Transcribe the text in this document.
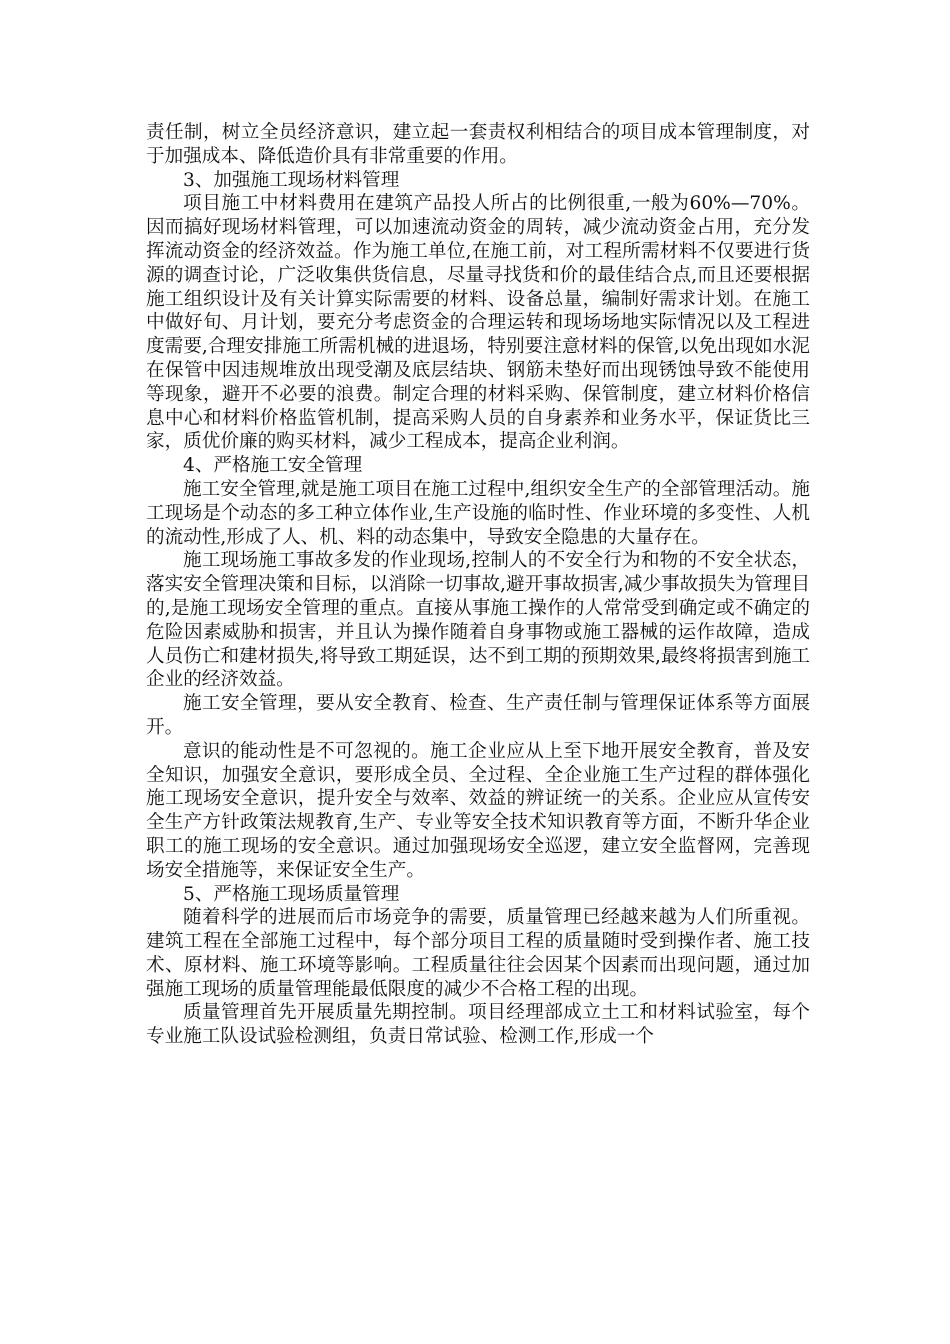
责任制，树立全员经济意识，建立起一套责权利相结合的项目成本管理制度，对于加强成本、降低造价具有非常重要的作用。

3、加强施工现场材料管理

项目施工中材料费用在建筑产品投人所占的比例很重,一般为60%—70%。因而搞好现场材料管理，可以加速流动资金的周转，减少流动资金占用，充分发挥流动资金的经济效益。作为施工单位,在施工前，对工程所需材料不仅要进行货源的调查讨论，广泛收集供货信息，尽量寻找货和价的最佳结合点,而且还要根据施工组织设计及有关计算实际需要的材料、设备总量，编制好需求计划。在施工中做好旬、月计划，要充分考虑资金的合理运转和现场场地实际情况以及工程进度需要,合理安排施工所需机械的进退场，特别要注意材料的保管,以免出现如水泥在保管中因违规堆放出现受潮及底层结块、钢筋未垫好而出现锈蚀导致不能使用等现象，避开不必要的浪费。制定合理的材料采购、保管制度，建立材料价格信息中心和材料价格监管机制，提高采购人员的自身素养和业务水平，保证货比三家，质优价廉的购买材料，减少工程成本，提高企业利润。

4、严格施工安全管理

施工安全管理,就是施工项目在施工过程中,组织安全生产的全部管理活动。施工现场是个动态的多工种立体作业,生产设施的临时性、作业环境的多变性、人机的流动性,形成了人、机、料的动态集中，导致安全隐患的大量存在。

施工现场施工事故多发的作业现场,控制人的不安全行为和物的不安全状态，落实安全管理决策和目标，以消除一切事故,避开事故损害,减少事故损失为管理目的,是施工现场安全管理的重点。直接从事施工操作的人常常受到确定或不确定的危险因素威胁和损害，并且认为操作随着自身事物或施工器械的运作故障，造成人员伤亡和建材损失,将导致工期延误，达不到工期的预期效果,最终将损害到施工企业的经济效益。

施工安全管理，要从安全教育、检查、生产责任制与管理保证体系等方面展开。

意识的能动性是不可忽视的。施工企业应从上至下地开展安全教育，普及安全知识，加强安全意识，要形成全员、全过程、全企业施工生产过程的群体强化施工现场安全意识，提升安全与效率、效益的辨证统一的关系。企业应从宣传安全生产方针政策法规教育,生产、专业等安全技术知识教育等方面，不断升华企业职工的施工现场的安全意识。通过加强现场安全巡逻，建立安全监督网，完善现场安全措施等，来保证安全生产。

5、严格施工现场质量管理

随着科学的进展而后市场竞争的需要，质量管理已经越来越为人们所重视。建筑工程在全部施工过程中，每个部分项目工程的质量随时受到操作者、施工技术、原材料、施工环境等影响。工程质量往往会因某个因素而出现问题，通过加强施工现场的质量管理能最低限度的减少不合格工程的出现。

质量管理首先开展质量先期控制。项目经理部成立土工和材料试验室，每个专业施工队设试验检测组，负责日常试验、检测工作,形成一个
